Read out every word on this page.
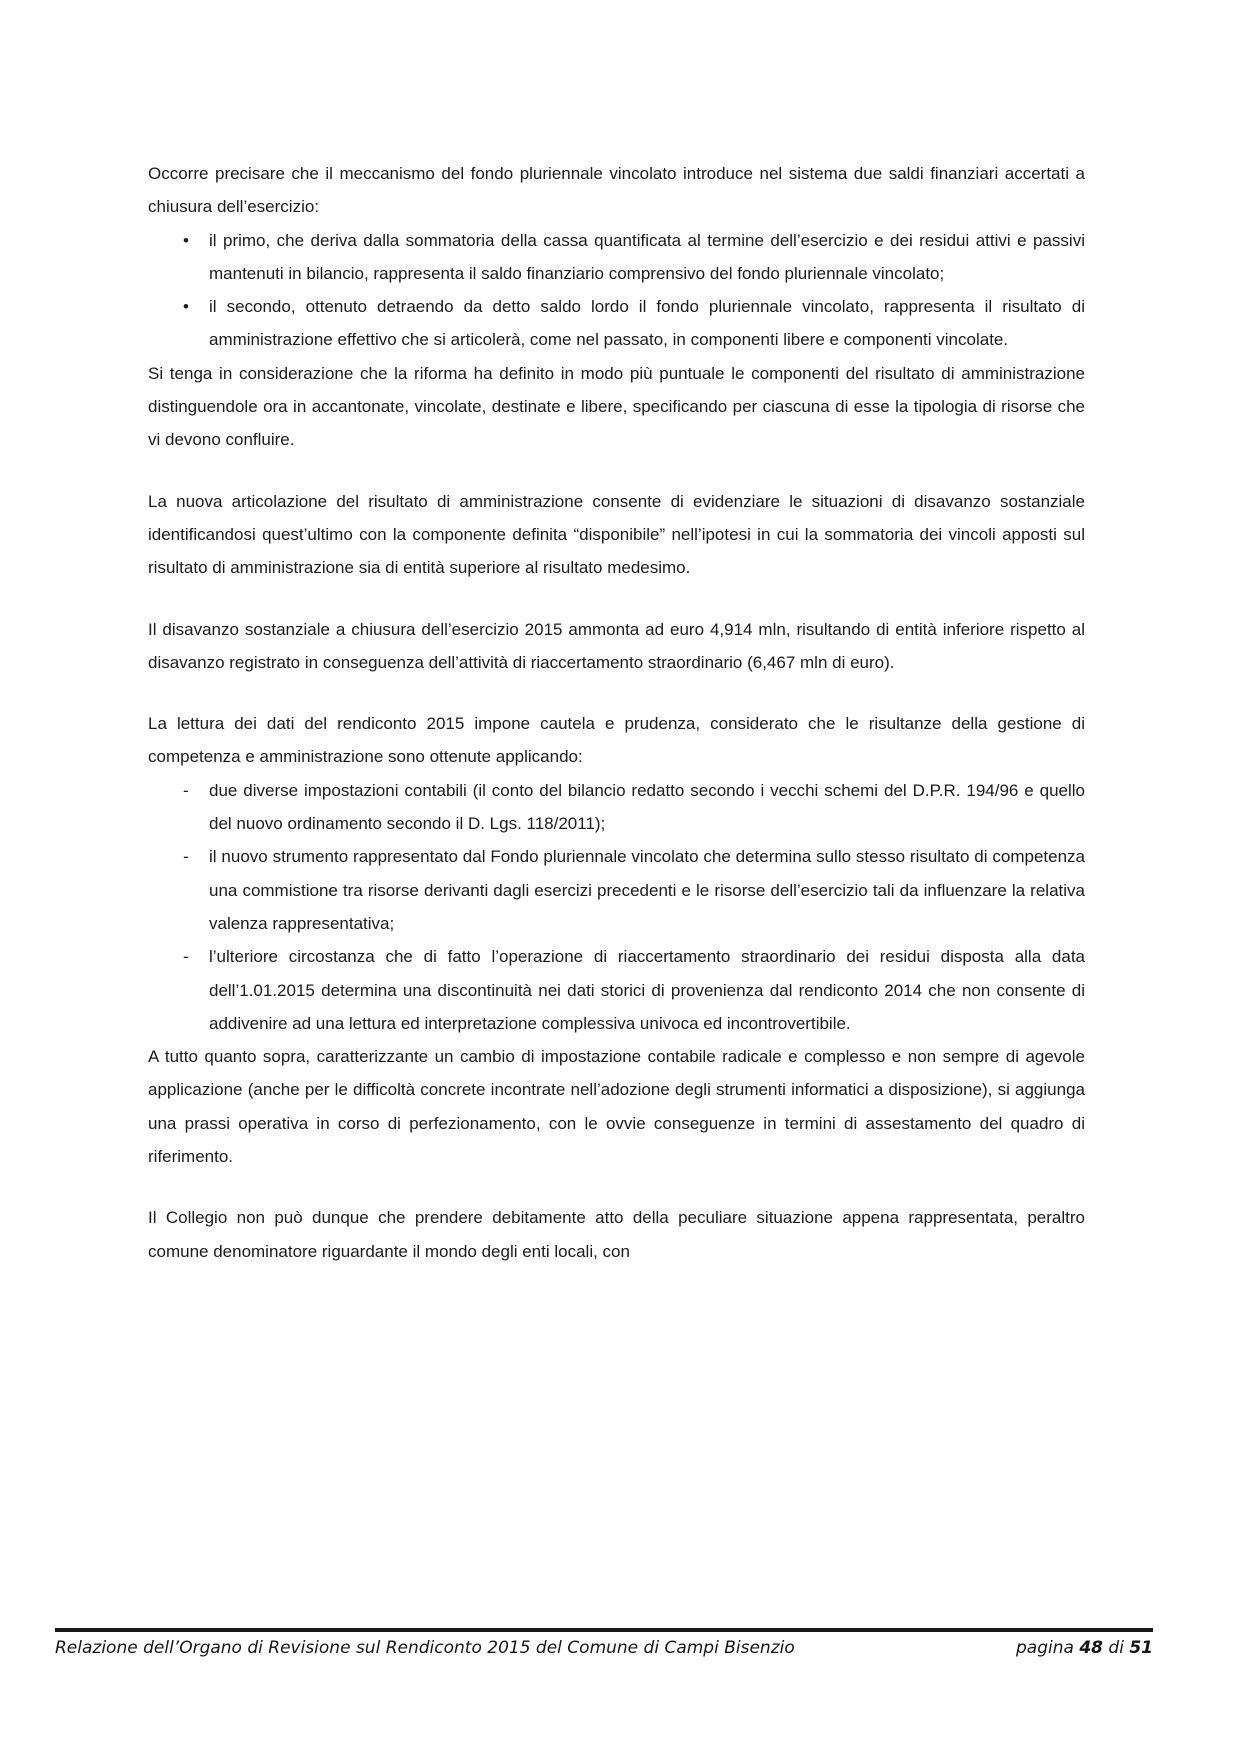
Occorre precisare che il meccanismo del fondo pluriennale vincolato introduce nel sistema due saldi finanziari accertati a chiusura dell’esercizio:

•	il primo, che deriva dalla sommatoria della cassa quantificata al termine dell’esercizio e dei residui attivi e passivi mantenuti in bilancio, rappresenta il saldo finanziario comprensivo del fondo pluriennale vincolato;
•	il secondo, ottenuto detraendo da detto saldo lordo il fondo pluriennale vincolato, rappresenta il risultato di amministrazione effettivo che si articolerà, come nel passato, in componenti libere e componenti vincolate.

Si tenga in considerazione che la riforma ha definito in modo più puntuale le componenti del risultato di amministrazione distinguendole ora in accantonate, vincolate, destinate e libere, specificando per ciascuna di esse la tipologia di risorse che vi devono confluire.

La nuova articolazione del risultato di amministrazione consente di evidenziare le situazioni di disavanzo sostanziale identificandosi quest’ultimo con la componente definita “disponibile” nell’ipotesi in cui la sommatoria dei vincoli apposti sul risultato di amministrazione sia di entità superiore al risultato medesimo.

Il disavanzo sostanziale a chiusura dell’esercizio 2015 ammonta ad euro 4,914 mln, risultando di entità inferiore rispetto al disavanzo registrato in conseguenza dell’attività di riaccertamento straordinario (6,467 mln di euro).

La lettura dei dati del rendiconto 2015 impone cautela e prudenza, considerato che le risultanze della gestione di competenza e amministrazione sono ottenute applicando:

-	due diverse impostazioni contabili (il conto del bilancio redatto secondo i vecchi schemi del D.P.R. 194/96 e quello del nuovo ordinamento secondo il D. Lgs. 118/2011);
-	il nuovo strumento rappresentato dal Fondo pluriennale vincolato che determina sullo stesso risultato di competenza una commistione tra risorse derivanti dagli esercizi precedenti e le risorse dell’esercizio tali da influenzare la relativa valenza rappresentativa;
-	l’ulteriore circostanza che di fatto l’operazione di riaccertamento straordinario dei residui disposta alla data dell’1.01.2015 determina una discontinuità nei dati storici di provenienza dal rendiconto 2014 che non consente di addivenire ad una lettura ed interpretazione complessiva univoca ed incontrovertibile.

A tutto quanto sopra, caratterizzante un cambio di impostazione contabile radicale e complesso e non sempre di agevole applicazione (anche per le difficoltà concrete incontrate nell’adozione degli strumenti informatici a disposizione), si aggiunga una prassi operativa in corso di perfezionamento, con le ovvie conseguenze in termini di assestamento del quadro di riferimento.

Il Collegio non può dunque che prendere debitamente atto della peculiare situazione appena rappresentata, peraltro comune denominatore riguardante il mondo degli enti locali, con

Relazione dell’Organo di Revisione sul Rendiconto 2015 del Comune di Campi Bisenzio	pagina 48 di 51
